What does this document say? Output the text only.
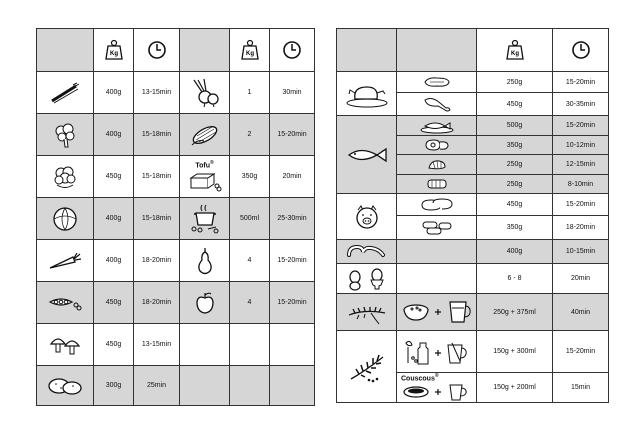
Kg			Kg

	400g	13-15min		1	30min

	400g	15-18min		2	15-20min

	450g	15-18min	Tofu®	350g	20min

	400g	15-18min		500ml	25-30min

	400g	18-20min		4	15-20min

	450g	18-20min		4	15-20min

	450g	13-15min			

	300g	25min			

Kg

	250g	15-20min

	450g	30-35min

	500g	15-20min

	350g	10-12min

	250g	12-15min

	250g	8-10min

	450g	15-20min

	350g	18-20min

		400g	10-15min

		6 - 8	20min

	250g + 375ml	40min

	150g + 300ml	15-20min

	Couscous®	150g + 200ml	15min
